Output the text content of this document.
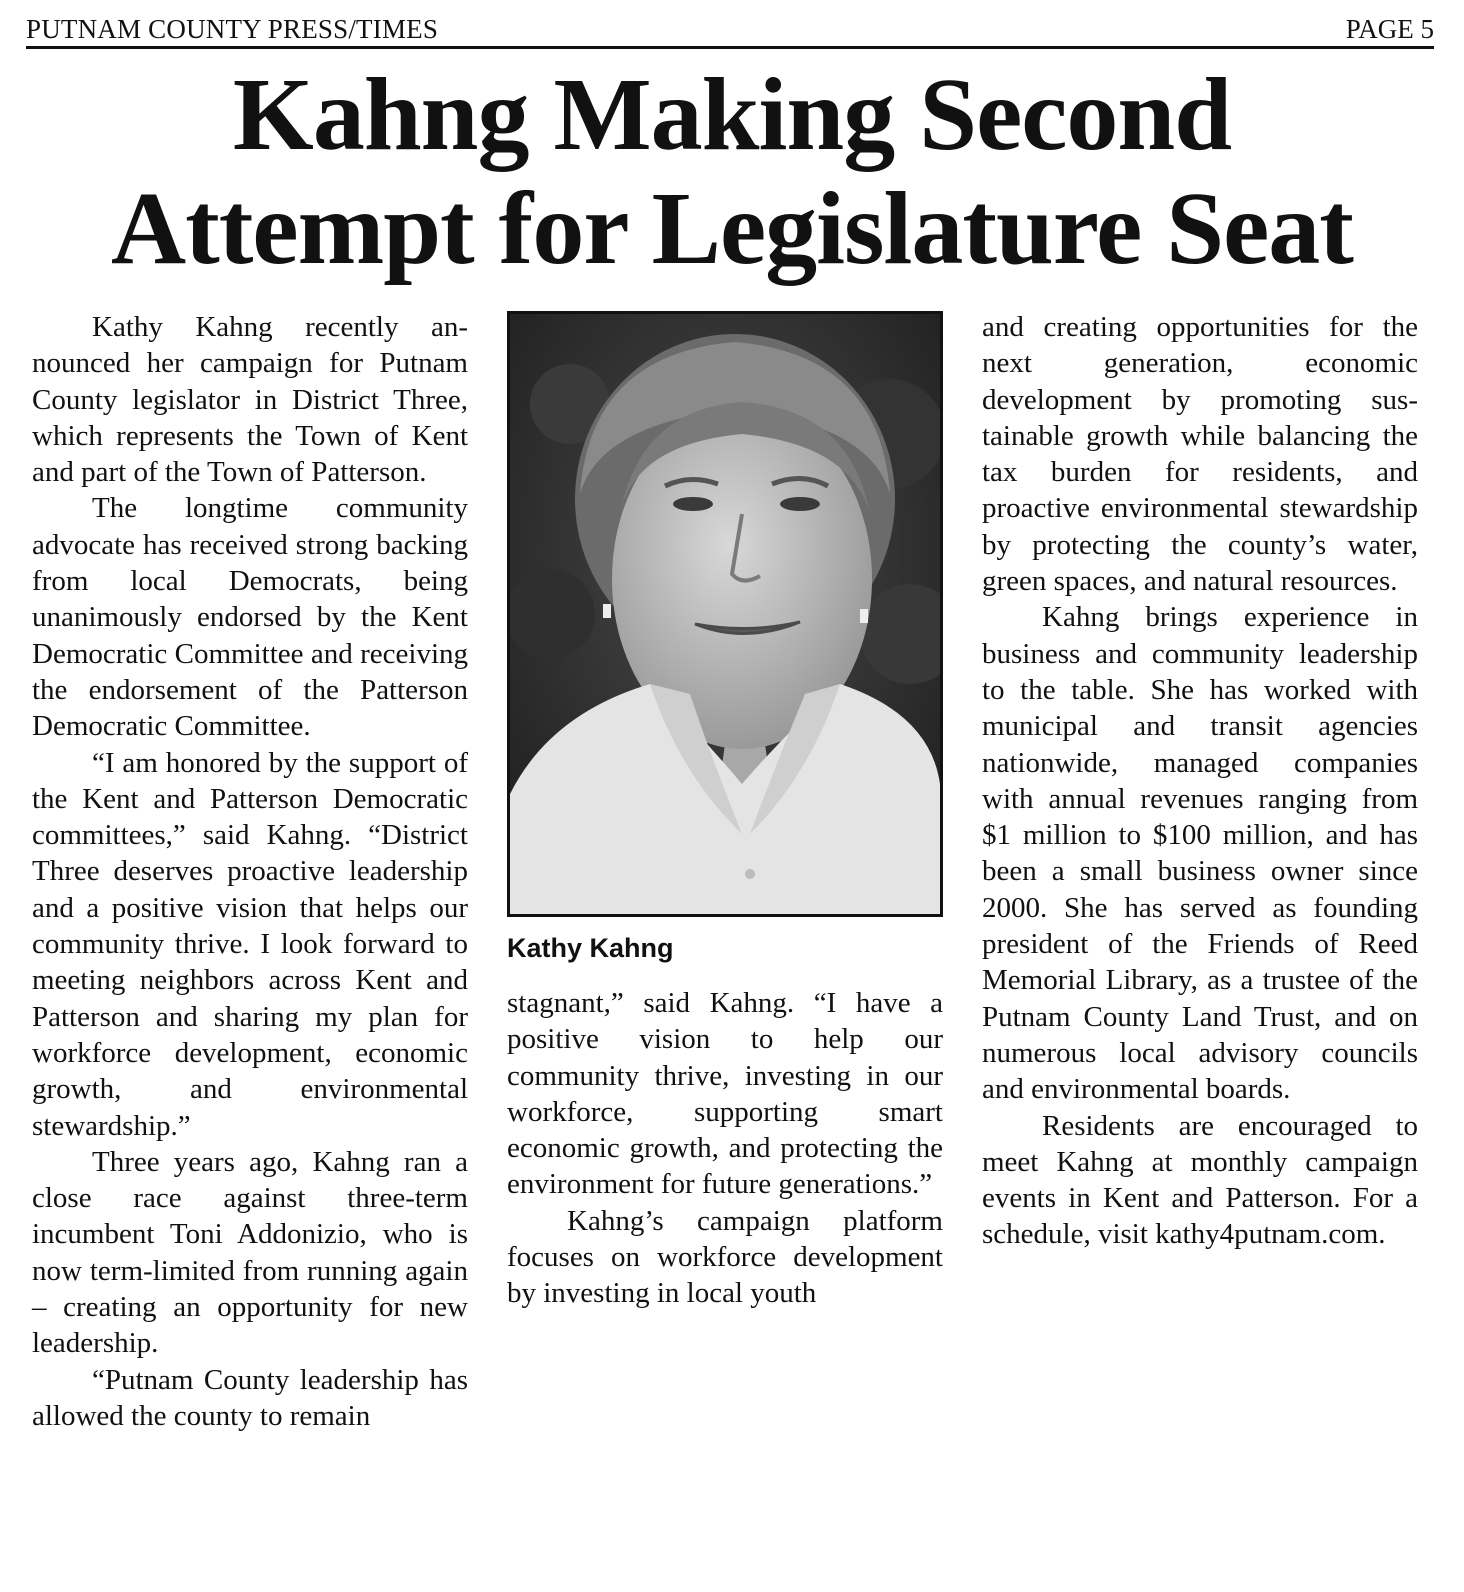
PUTNAM COUNTY PRESS/TIMES	PAGE 5
Kahng Making Second
Attempt for Legislature Seat

Kathy Kahng recently announced her campaign for Putnam County legislator in District Three, which represents the Town of Kent and part of the Town of Patterson.

The longtime community advocate has received strong backing from local Democrats, being unanimously endorsed by the Kent Democratic Committee and receiving the endorsement of the Patterson Democratic Committee.

“I am honored by the support of the Kent and Patterson Democratic committees,” said Kahng. “District Three deserves proactive leadership and a positive vision that helps our community thrive. I look forward to meeting neighbors across Kent and Patterson and sharing my plan for workforce development, economic growth, and environmental stewardship.”

Three years ago, Kahng ran a close race against three-term incumbent Toni Addonizio, who is now term-limited from running again – creating an opportunity for new leadership.

“Putnam County leadership has allowed the county to remain

Kathy Kahng

stagnant,” said Kahng. “I have a positive vision to help our community thrive, investing in our workforce, supporting smart economic growth, and protecting the environment for future generations.”

Kahng’s campaign platform focuses on workforce development by investing in local youth

and creating opportunities for the next generation, economic development by promoting sustainable growth while balancing the tax burden for residents, and proactive environmental stewardship by protecting the county’s water, green spaces, and natural resources.

Kahng brings experience in business and community leadership to the table. She has worked with municipal and transit agencies nationwide, managed companies with annual revenues ranging from $1 million to $100 million, and has been a small business owner since 2000. She has served as founding president of the Friends of Reed Memorial Library, as a trustee of the Putnam County Land Trust, and on numerous local advisory councils and environmental boards.

Residents are encouraged to meet Kahng at monthly campaign events in Kent and Patterson. For a schedule, visit kathy4putnam.com.
